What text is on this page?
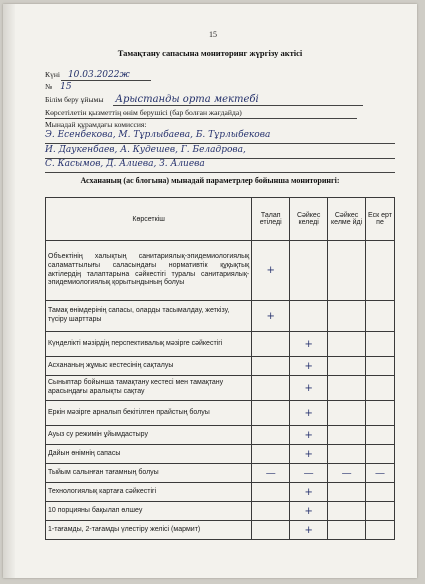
15
Тамақтану сапасына мониторинг жүргізу актісі
Күні 10.03.2022ж
№ 15
Білім беру ұйымы Арыстанды орта мектебі
Көрсетілетін қызметтің өнім берушісі (бар болған жағдайда)
Мынадай құрамдағы комиссия:
Э. Есенбекова, М. Тұрлыбаева, Б. Тұрлыбекова
И. Даукенбаев, А. Кудешев, Г. Беладрова,
С. Касымов, Д. Алиева, З. Алиева
Асхананың (ас блогына) мынадай параметрлер бойынша мониторингі:
Көрсеткіш	Талап етіледі	Сәйкес келеді	Сәйкес келме йді	Еск ерт пе
Объектінің халықтың санитариялық-эпидемиологиялық саламаттылығы саласындағы нормативтік құқықтық актілердің талаптарына сәйкестігі туралы санитариялық-эпидемиологиялық қорытындының болуы	+			
Тамақ өнімдерінің сапасы, оларды тасымалдау, жеткізу, түсіру шарттары	+			
Күнделікті мәзірдің перспективалық мәзірге сәйкестігі		+		
Асхананың жұмыс кестесінің сақталуы		+		
Сыныптар бойынша тамақтану кестесі мен тамақтану арасындағы аралықты сақтау		+		
Еркін мәзірге арналып бекітілген прайстың болуы		+		
Ауыз су режимін ұйымдастыру		+		
Дайын өнімнің сапасы		+		
Тыйым салынған тағамның болуы	—	—	—	—
Технологиялық картаға сәйкестігі		+		
10 порцияны бақылап өлшеу		+		
1-тағамды, 2-тағамды үлестіру желісі (мармит)		+		
